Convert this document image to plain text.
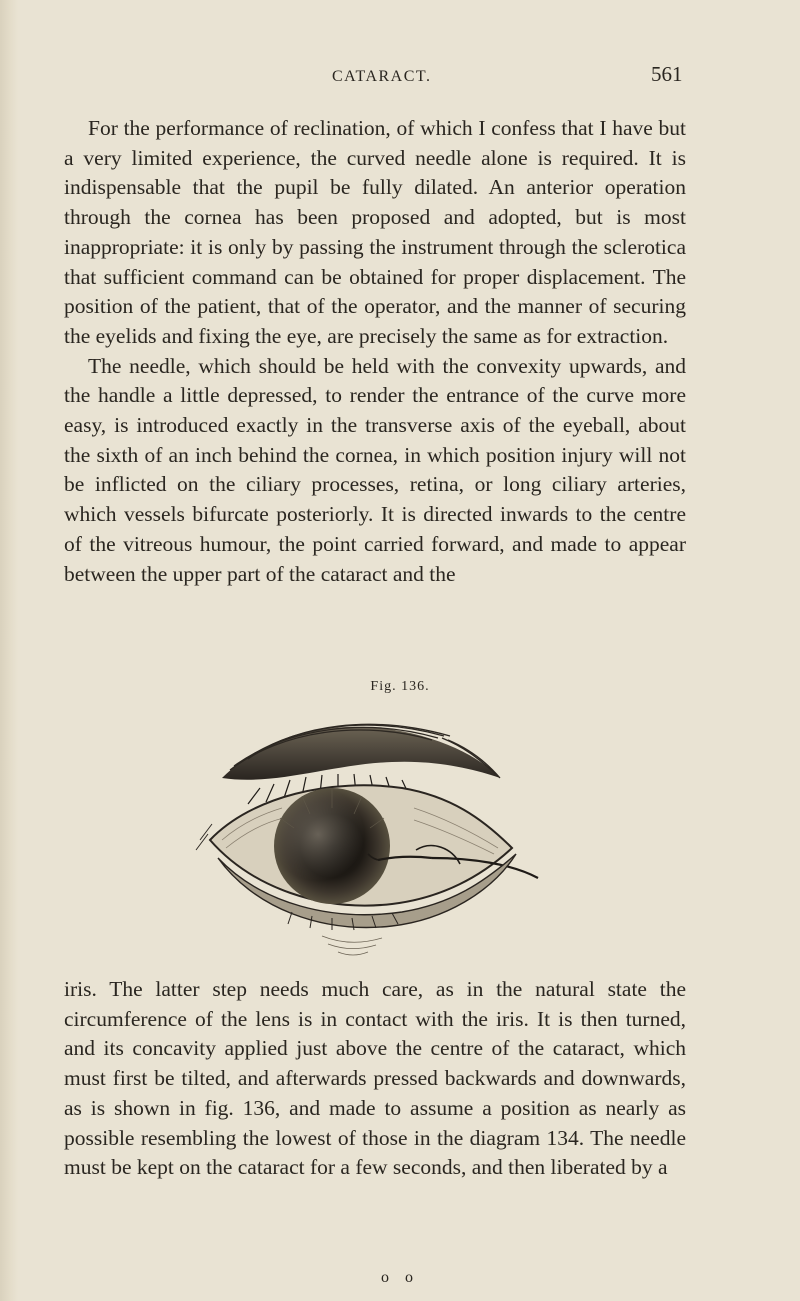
CATARACT.	561

For the performance of reclination, of which I confess that I have but a very limited experience, the curved needle alone is required. It is indispensable that the pupil be fully dilated. An anterior operation through the cornea has been proposed and adopted, but is most inappropriate: it is only by passing the instrument through the sclerotica that sufficient command can be obtained for proper displacement. The position of the patient, that of the operator, and the manner of securing the eyelids and fixing the eye, are precisely the same as for extraction.

The needle, which should be held with the convexity upwards, and the handle a little depressed, to render the entrance of the curve more easy, is introduced exactly in the transverse axis of the eyeball, about the sixth of an inch behind the cornea, in which position injury will not be inflicted on the ciliary processes, retina, or long ciliary arteries, which vessels bifurcate posteriorly. It is directed inwards to the centre of the vitreous humour, the point carried forward, and made to appear between the upper part of the cataract and the

Fig. 136.

iris. The latter step needs much care, as in the natural state the circumference of the lens is in contact with the iris. It is then turned, and its concavity applied just above the centre of the cataract, which must first be tilted, and afterwards pressed backwards and downwards, as is shown in fig. 136, and made to assume a position as nearly as possible resembling the lowest of those in the diagram 134. The needle must be kept on the cataract for a few seconds, and then liberated by a

o o
